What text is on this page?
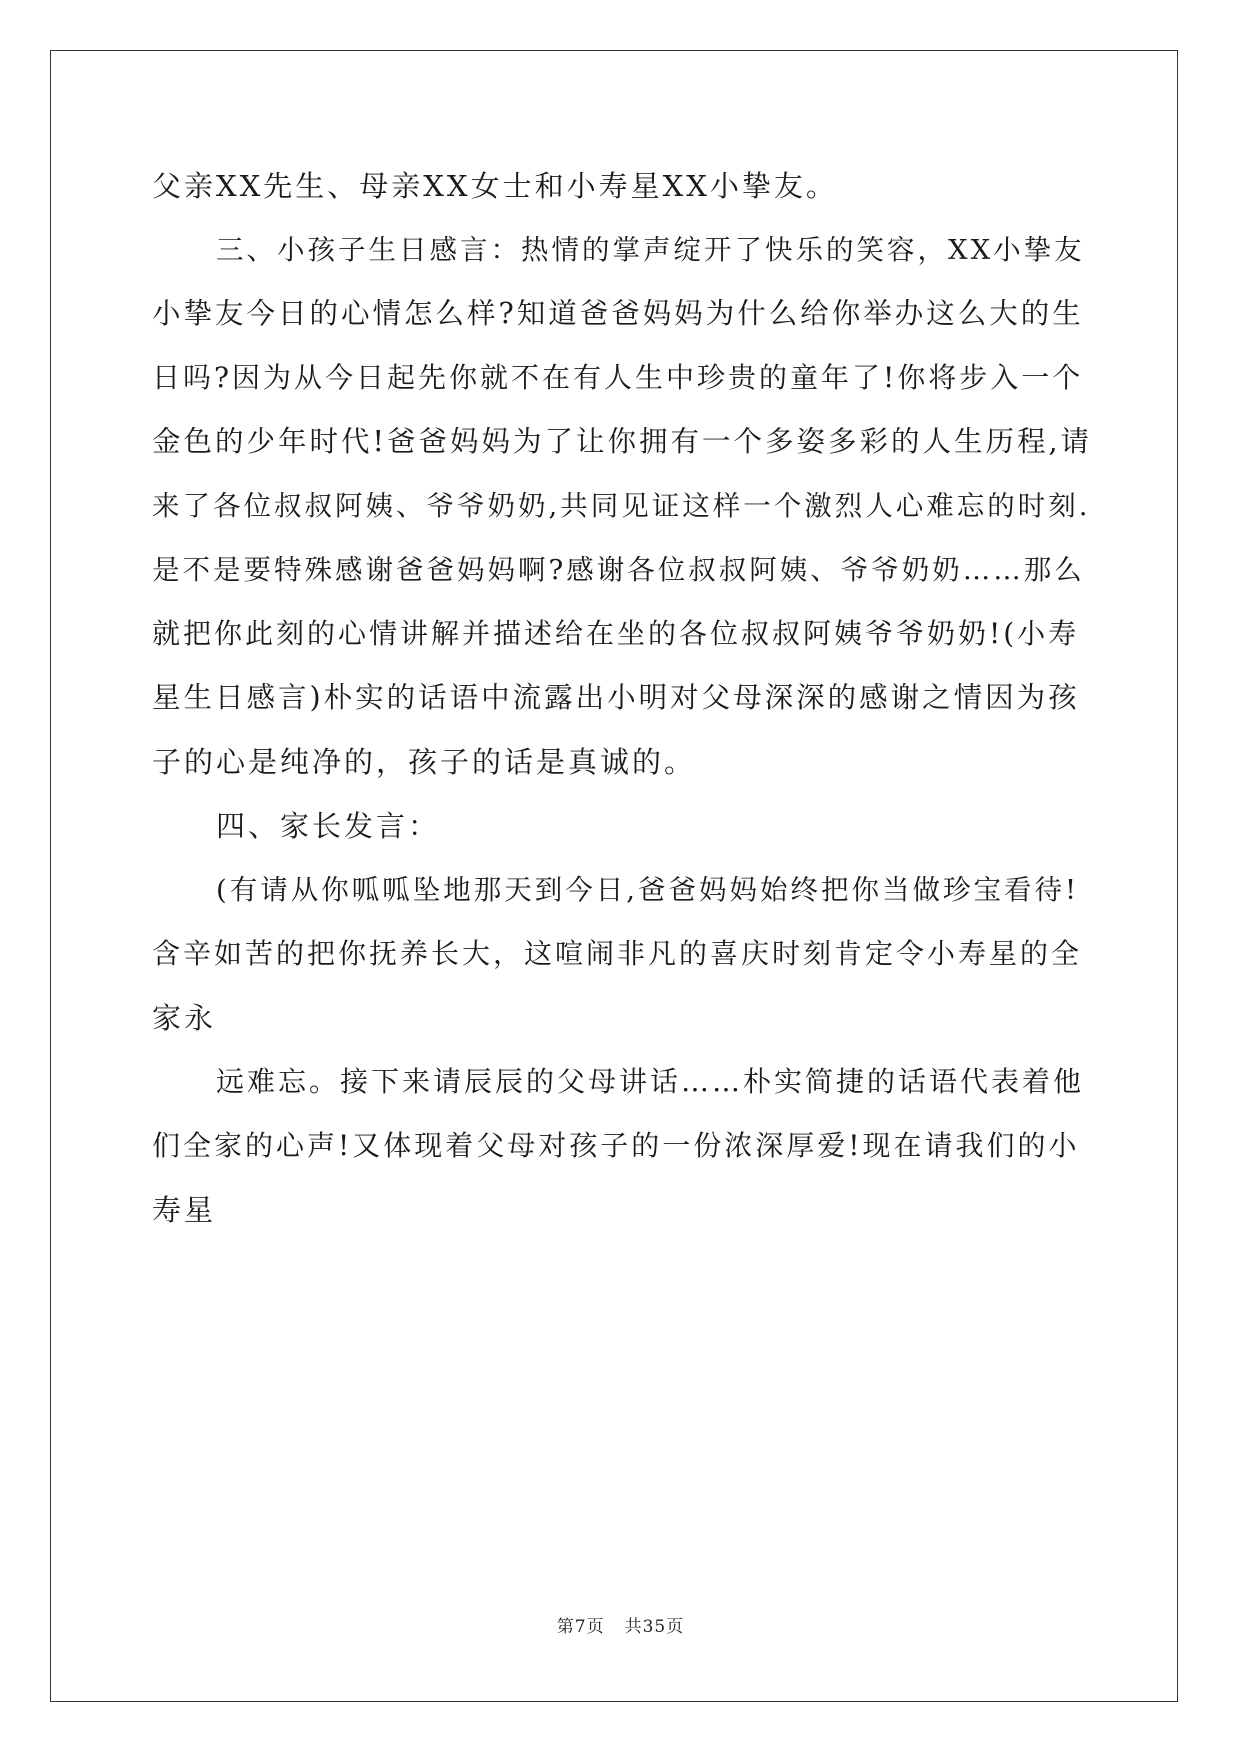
父亲XX先生、母亲XX女士和小寿星XX小挚友。
三、小孩子生日感言：热情的掌声绽开了快乐的笑容，XX小挚友
小挚友今日的心情怎么样?知道爸爸妈妈为什么给你举办这么大的生
日吗?因为从今日起先你就不在有人生中珍贵的童年了!你将步入一个
金色的少年时代!爸爸妈妈为了让你拥有一个多姿多彩的人生历程,请
来了各位叔叔阿姨、爷爷奶奶,共同见证这样一个激烈人心难忘的时刻.
是不是要特殊感谢爸爸妈妈啊?感谢各位叔叔阿姨、爷爷奶奶……那么
就把你此刻的心情讲解并描述给在坐的各位叔叔阿姨爷爷奶奶!(小寿
星生日感言)朴实的话语中流露出小明对父母深深的感谢之情因为孩
子的心是纯净的，孩子的话是真诚的。
四、家长发言：
(有请从你呱呱坠地那天到今日,爸爸妈妈始终把你当做珍宝看待!
含辛如苦的把你抚养长大，这喧闹非凡的喜庆时刻肯定令小寿星的全
家永
远难忘。接下来请辰辰的父母讲话……朴实简捷的话语代表着他
们全家的心声!又体现着父母对孩子的一份浓深厚爱!现在请我们的小
寿星
第7页 共35页
